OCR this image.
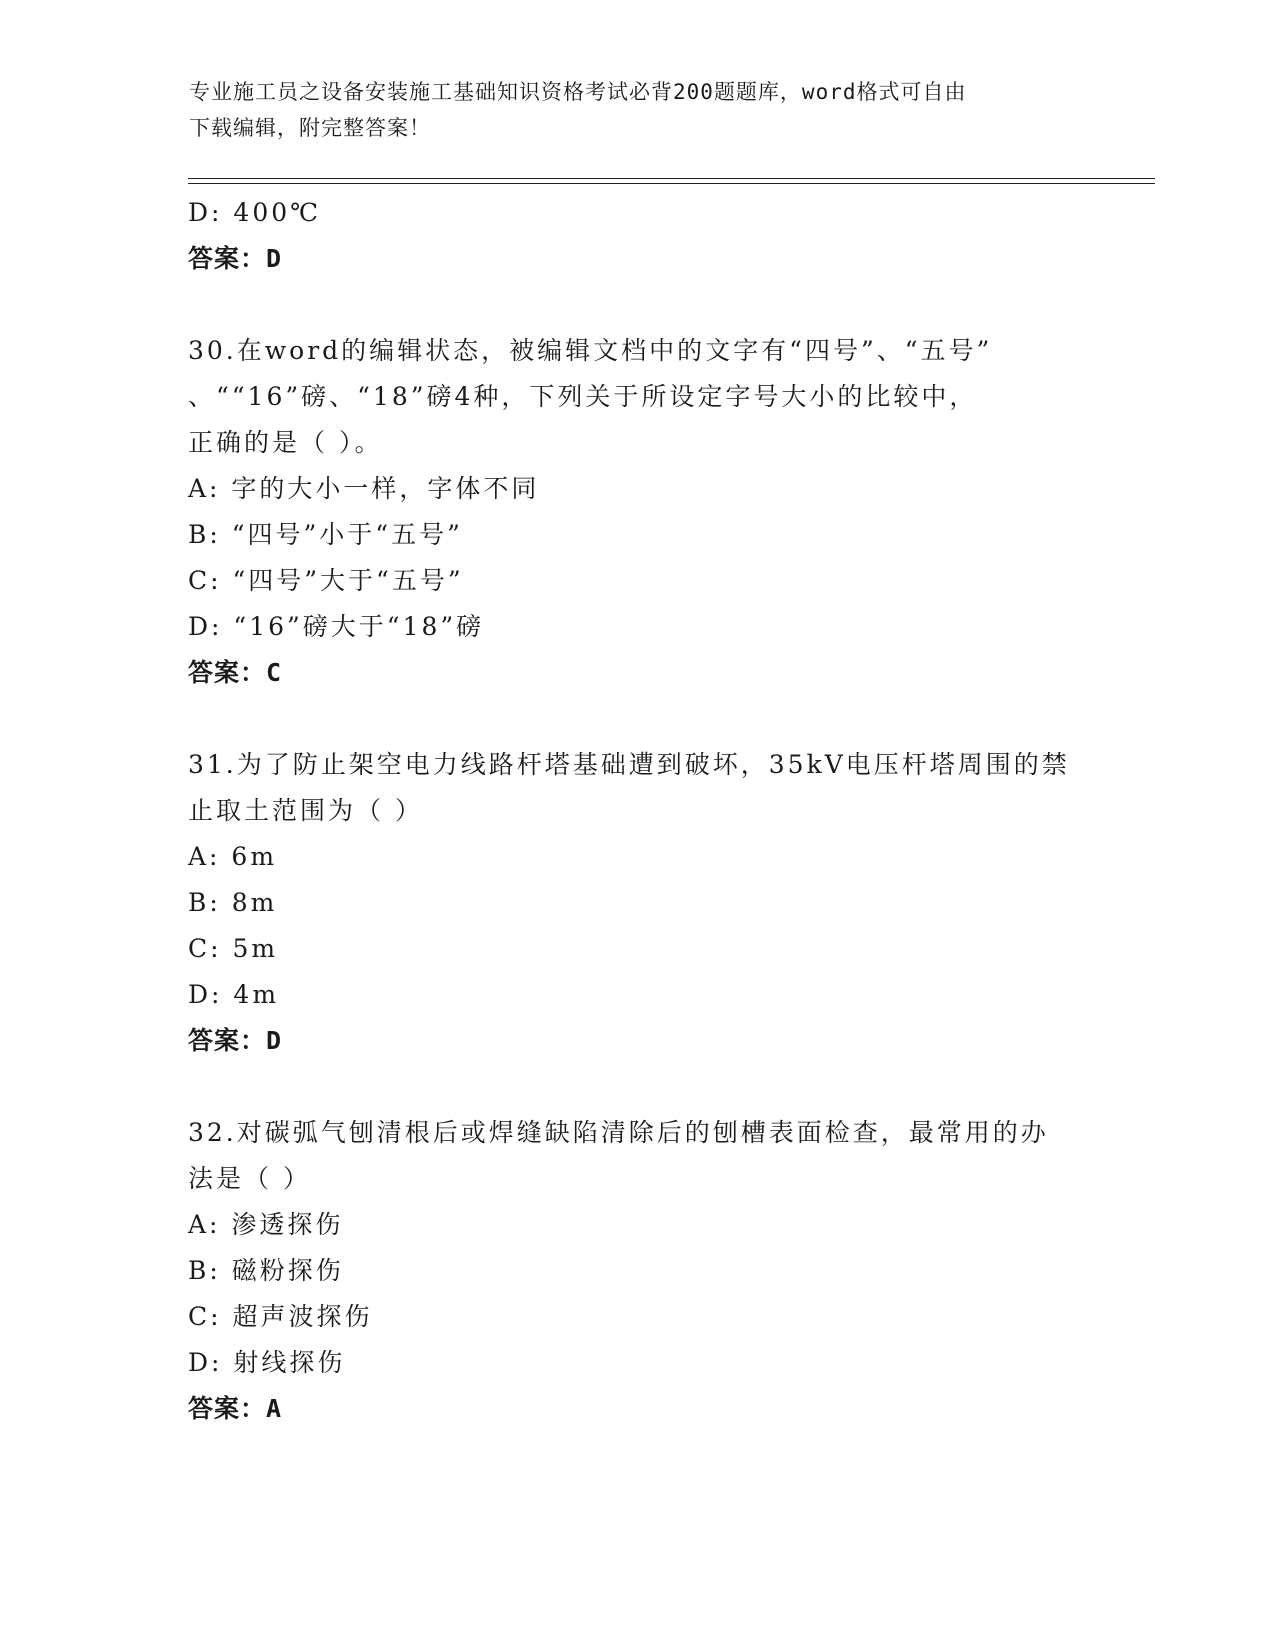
专业施工员之设备安装施工基础知识资格考试必背200题题库，word格式可自由
下载编辑，附完整答案！
D: 400℃
答案：D
30.在word的编辑状态，被编辑文档中的文字有“四号”、“五号”
、““16”磅、“18”磅4种，下列关于所设定字号大小的比较中，
正确的是（ ）。
A: 字的大小一样，字体不同
B: “四号”小于“五号”
C: “四号”大于“五号”
D: “16”磅大于“18”磅
答案：C
31.为了防止架空电力线路杆塔基础遭到破坏，35kV电压杆塔周围的禁
止取土范围为（ ）
A: 6m
B: 8m
C: 5m
D: 4m
答案：D
32.对碳弧气刨清根后或焊缝缺陷清除后的刨槽表面检查，最常用的办
法是（ ）
A: 渗透探伤
B: 磁粉探伤
C: 超声波探伤
D: 射线探伤
答案：A
